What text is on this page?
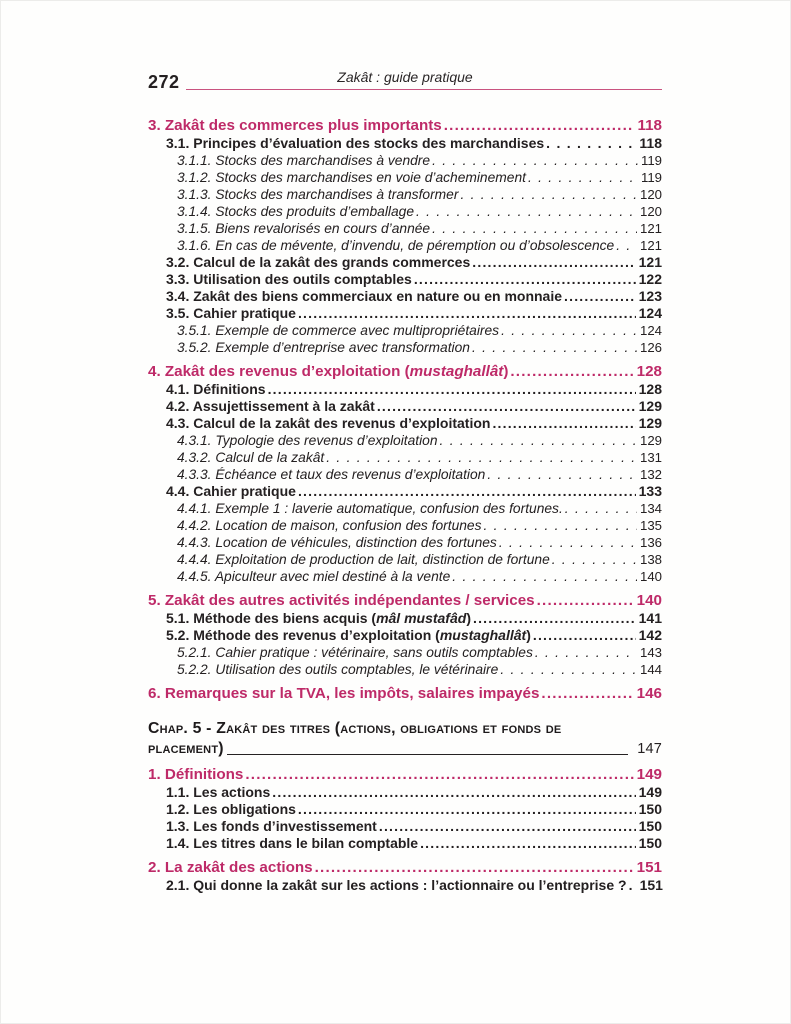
272	Zakât : guide pratique
3. Zakât des commerces plus importants .....	118
3.1. Principes d’évaluation des stocks des marchandises . . .	118
3.1.1. Stocks des marchandises à vendre . . .	119
3.1.2. Stocks des marchandises en voie d’acheminement . . .	119
3.1.3. Stocks des marchandises à transformer . . .	120
3.1.4. Stocks des produits d’emballage . . .	120
3.1.5. Biens revalorisés en cours d’année . . .	121
3.1.6. En cas de mévente, d’invendu, de péremption ou d’obsolescence . . . 121
3.2. Calcul de la zakât des grands commerces .....	121
3.3. Utilisation des outils comptables .....	122
3.4. Zakât des biens commerciaux en nature ou en monnaie .....	123
3.5. Cahier pratique .....	124
3.5.1. Exemple de commerce avec multipropriétaires . . .	124
3.5.2. Exemple d’entreprise avec transformation . . .	126
4. Zakât des revenus d’exploitation (mustaghallât) .....	128
4.1. Définitions .....	128
4.2. Assujettissement à la zakât .....	129
4.3. Calcul de la zakât des revenus d’exploitation .....	129
4.3.1. Typologie des revenus d’exploitation . . .	129
4.3.2. Calcul de la zakât . . .	131
4.3.3. Échéance et taux des revenus d’exploitation . . .	132
4.4. Cahier pratique .....	133
4.4.1. Exemple 1 : laverie automatique, confusion des fortunes. . . .	134
4.4.2. Location de maison, confusion des fortunes . . .	135
4.4.3. Location de véhicules, distinction des fortunes . . .	136
4.4.4. Exploitation de production de lait, distinction de fortune . . .	138
4.4.5. Apiculteur avec miel destiné à la vente . . .	140
5. Zakât des autres activités indépendantes / services .....	140
5.1. Méthode des biens acquis (mâl mustafâd) .....	141
5.2. Méthode des revenus d’exploitation (mustaghallât) .....	142
5.2.1. Cahier pratique : vétérinaire, sans outils comptables . . .	143
5.2.2. Utilisation des outils comptables, le vétérinaire . . .	144
6. Remarques sur la TVA, les impôts, salaires impayés .....	146
Chap. 5 - Zakât des titres (actions, obligations et fonds de
placement)	147
1. Définitions .....	149
1.1. Les actions .....	149
1.2. Les obligations .....	150
1.3. Les fonds d’investissement .....	150
1.4. Les titres dans le bilan comptable .....	150
2. La zakât des actions .....	151
2.1. Qui donne la zakât sur les actions : l’actionnaire ou l’entreprise ? . . . 151
